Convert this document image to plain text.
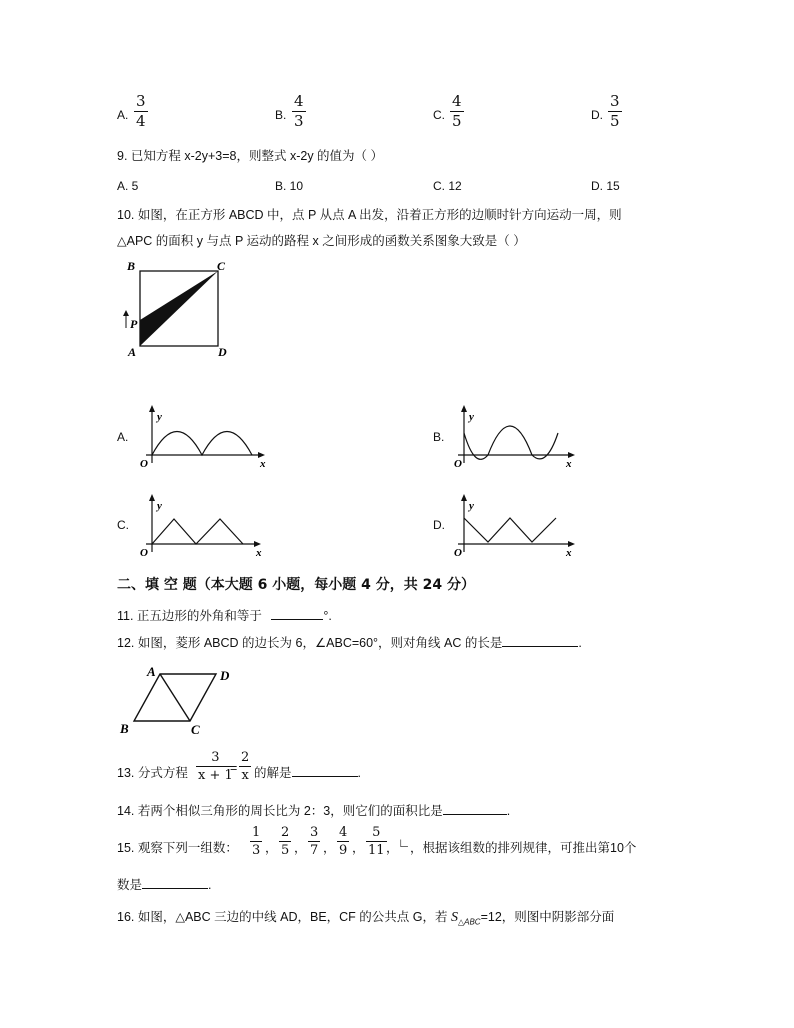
A. $\frac{3}{4}$	B. $\frac{4}{3}$	C. $\frac{4}{5}$	D. $\frac{3}{5}$
9. 已知方程 x-2y+3=8，则整式 x-2y 的值为（ ）
A. 5	B. 10	C. 12	D. 15
10. 如图，在正方形 ABCD 中，点 P 从点 A 出发，沿着正方形的边顺时针方向运动一周，则
△APC 的面积 y 与点 P 运动的路程 x 之间形成的函数关系图象大致是（ ）
B	C
A	D
P
A.
y
x
O
B.
y
x
O
C.
y
x
O
D.
y
x
O
二、填 空 题（本大题 6 小题，每小题 4 分，共 24 分）
11. 正五边形的外角和等于	°.
12. 如图，菱形 ABCD 的边长为 6，∠ABC=60°，则对角线 AC 的长是	.
A	D
B	C
13. 分式方程 $\frac{3}{x + 1}$
= $\frac{2}{x}$ 的解是	.
14. 若两个相似三角形的周长比为 2：3，则它们的面积比是	.
15. 观察下列一组数： $\frac{1}{3}$ ， $\frac{2}{5}$ ， $\frac{3}{7}$ ， $\frac{4}{9}$ ， $\frac{5}{11}$ ， ∟ ，根据该组数的排列规律，可推出第10个
数是	.
16. 如图，△ABC 三边的中线 AD，BE，CF 的公共点 G，若 $S_{\triangle ABC}=12$，则图中阴影部分面
